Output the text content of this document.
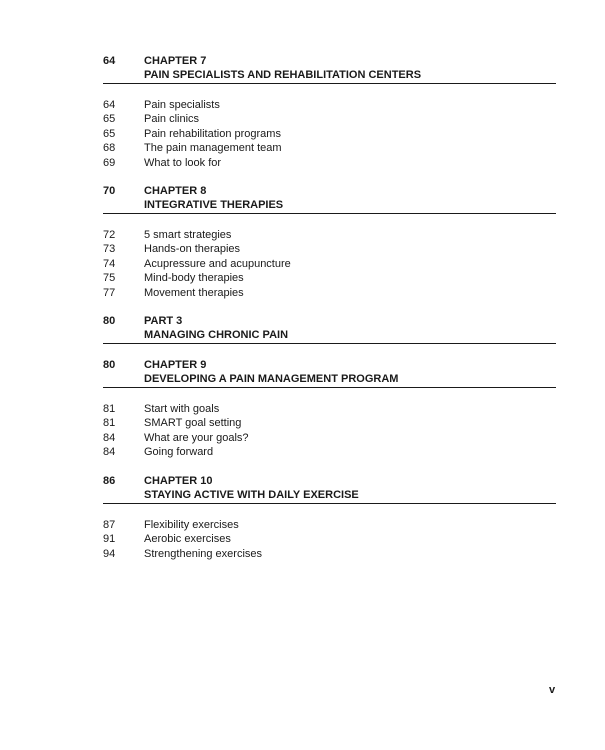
64	CHAPTER 7
PAIN SPECIALISTS AND REHABILITATION CENTERS
64	Pain specialists
65	Pain clinics
65	Pain rehabilitation programs
68	The pain management team
69	What to look for
70	CHAPTER 8
INTEGRATIVE THERAPIES
72	5 smart strategies
73	Hands-on therapies
74	Acupressure and acupuncture
75	Mind-body therapies
77	Movement therapies
80	PART 3
MANAGING CHRONIC PAIN
80	CHAPTER 9
DEVELOPING A PAIN MANAGEMENT PROGRAM
81	Start with goals
81	SMART goal setting
84	What are your goals?
84	Going forward
86	CHAPTER 10
STAYING ACTIVE WITH DAILY EXERCISE
87	Flexibility exercises
91	Aerobic exercises
94	Strengthening exercises
v
